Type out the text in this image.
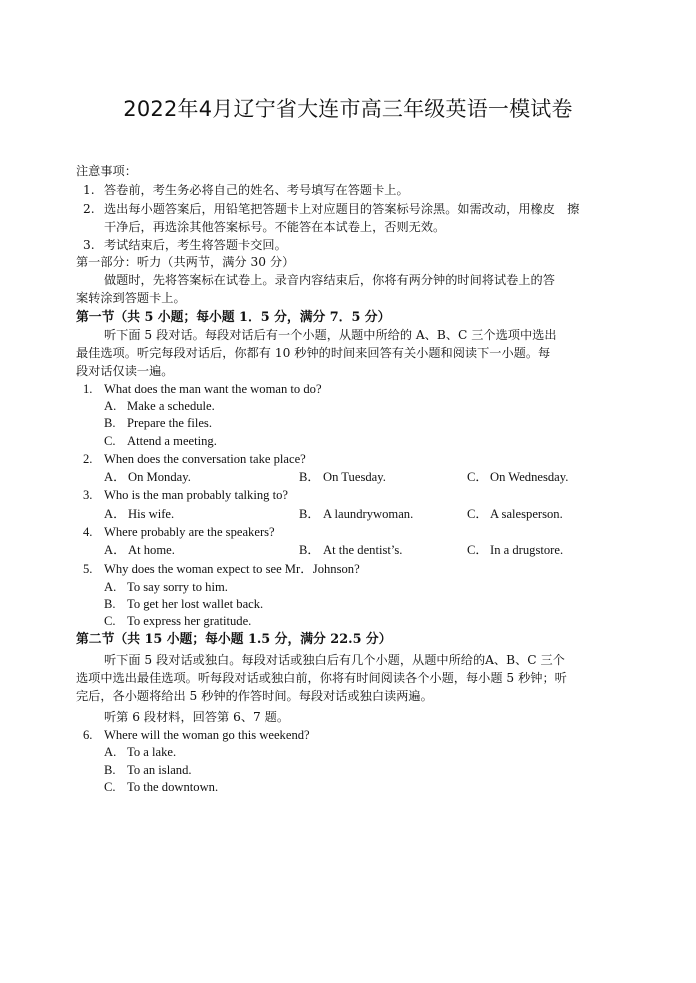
2022年4月辽宁省大连市高三年级英语一模试卷
注意事项：
1. 答卷前，考生务必将自己的姓名、考号填写在答题卡上。
2. 选出每小题答案后，用铅笔把答题卡上对应题目的答案标号涂黑。如需改动，用橡皮　擦
干净后，再选涂其他答案标号。不能答在本试卷上，否则无效。
3. 考试结束后，考生将答题卡交回。
第一部分：听力（共两节，满分 30 分）
做题时，先将答案标在试卷上。录音内容结束后，你将有两分钟的时间将试卷上的答
案转涂到答题卡上。
第一节（共 5 小题；每小题 1．5 分，满分 7．5 分）
听下面 5 段对话。每段对话后有一个小题，从题中所给的 A、B、C 三个选项中选出
最佳选项。听完每段对话后，你都有 10 秒钟的时间来回答有关小题和阅读下一小题。每
段对话仅读一遍。
1. What does the man want the woman to do?
A. Make a schedule.
B. Prepare the files.
C. Attend a meeting.
2. When does the conversation take place?
A． On Monday.	B． On Tuesday.	C． On Wednesday.
3. Who is the man probably talking to?
A． His wife.	B． A laundrywoman.	C． A salesperson.
4. Where probably are the speakers?
A． At home.	B． At the dentist’s.	C． In a drugstore.
5. Why does the woman expect to see Mr．Johnson?
A. To say sorry to him.
B. To get her lost wallet back.
C. To express her gratitude.
第二节（共 15 小题；每小题 1.5 分，满分 22.5 分）
听下面 5 段对话或独白。每段对话或独白后有几个小题，从题中所给的A、B、C 三个
选项中选出最佳选项。听每段对话或独白前，你将有时间阅读各个小题，每小题 5 秒钟；听
完后，各小题将给出 5 秒钟的作答时间。每段对话或独白读两遍。
听第 6 段材料，回答第 6、7 题。
6. Where will the woman go this weekend?
A. To a lake.
B. To an island.
C. To the downtown.
